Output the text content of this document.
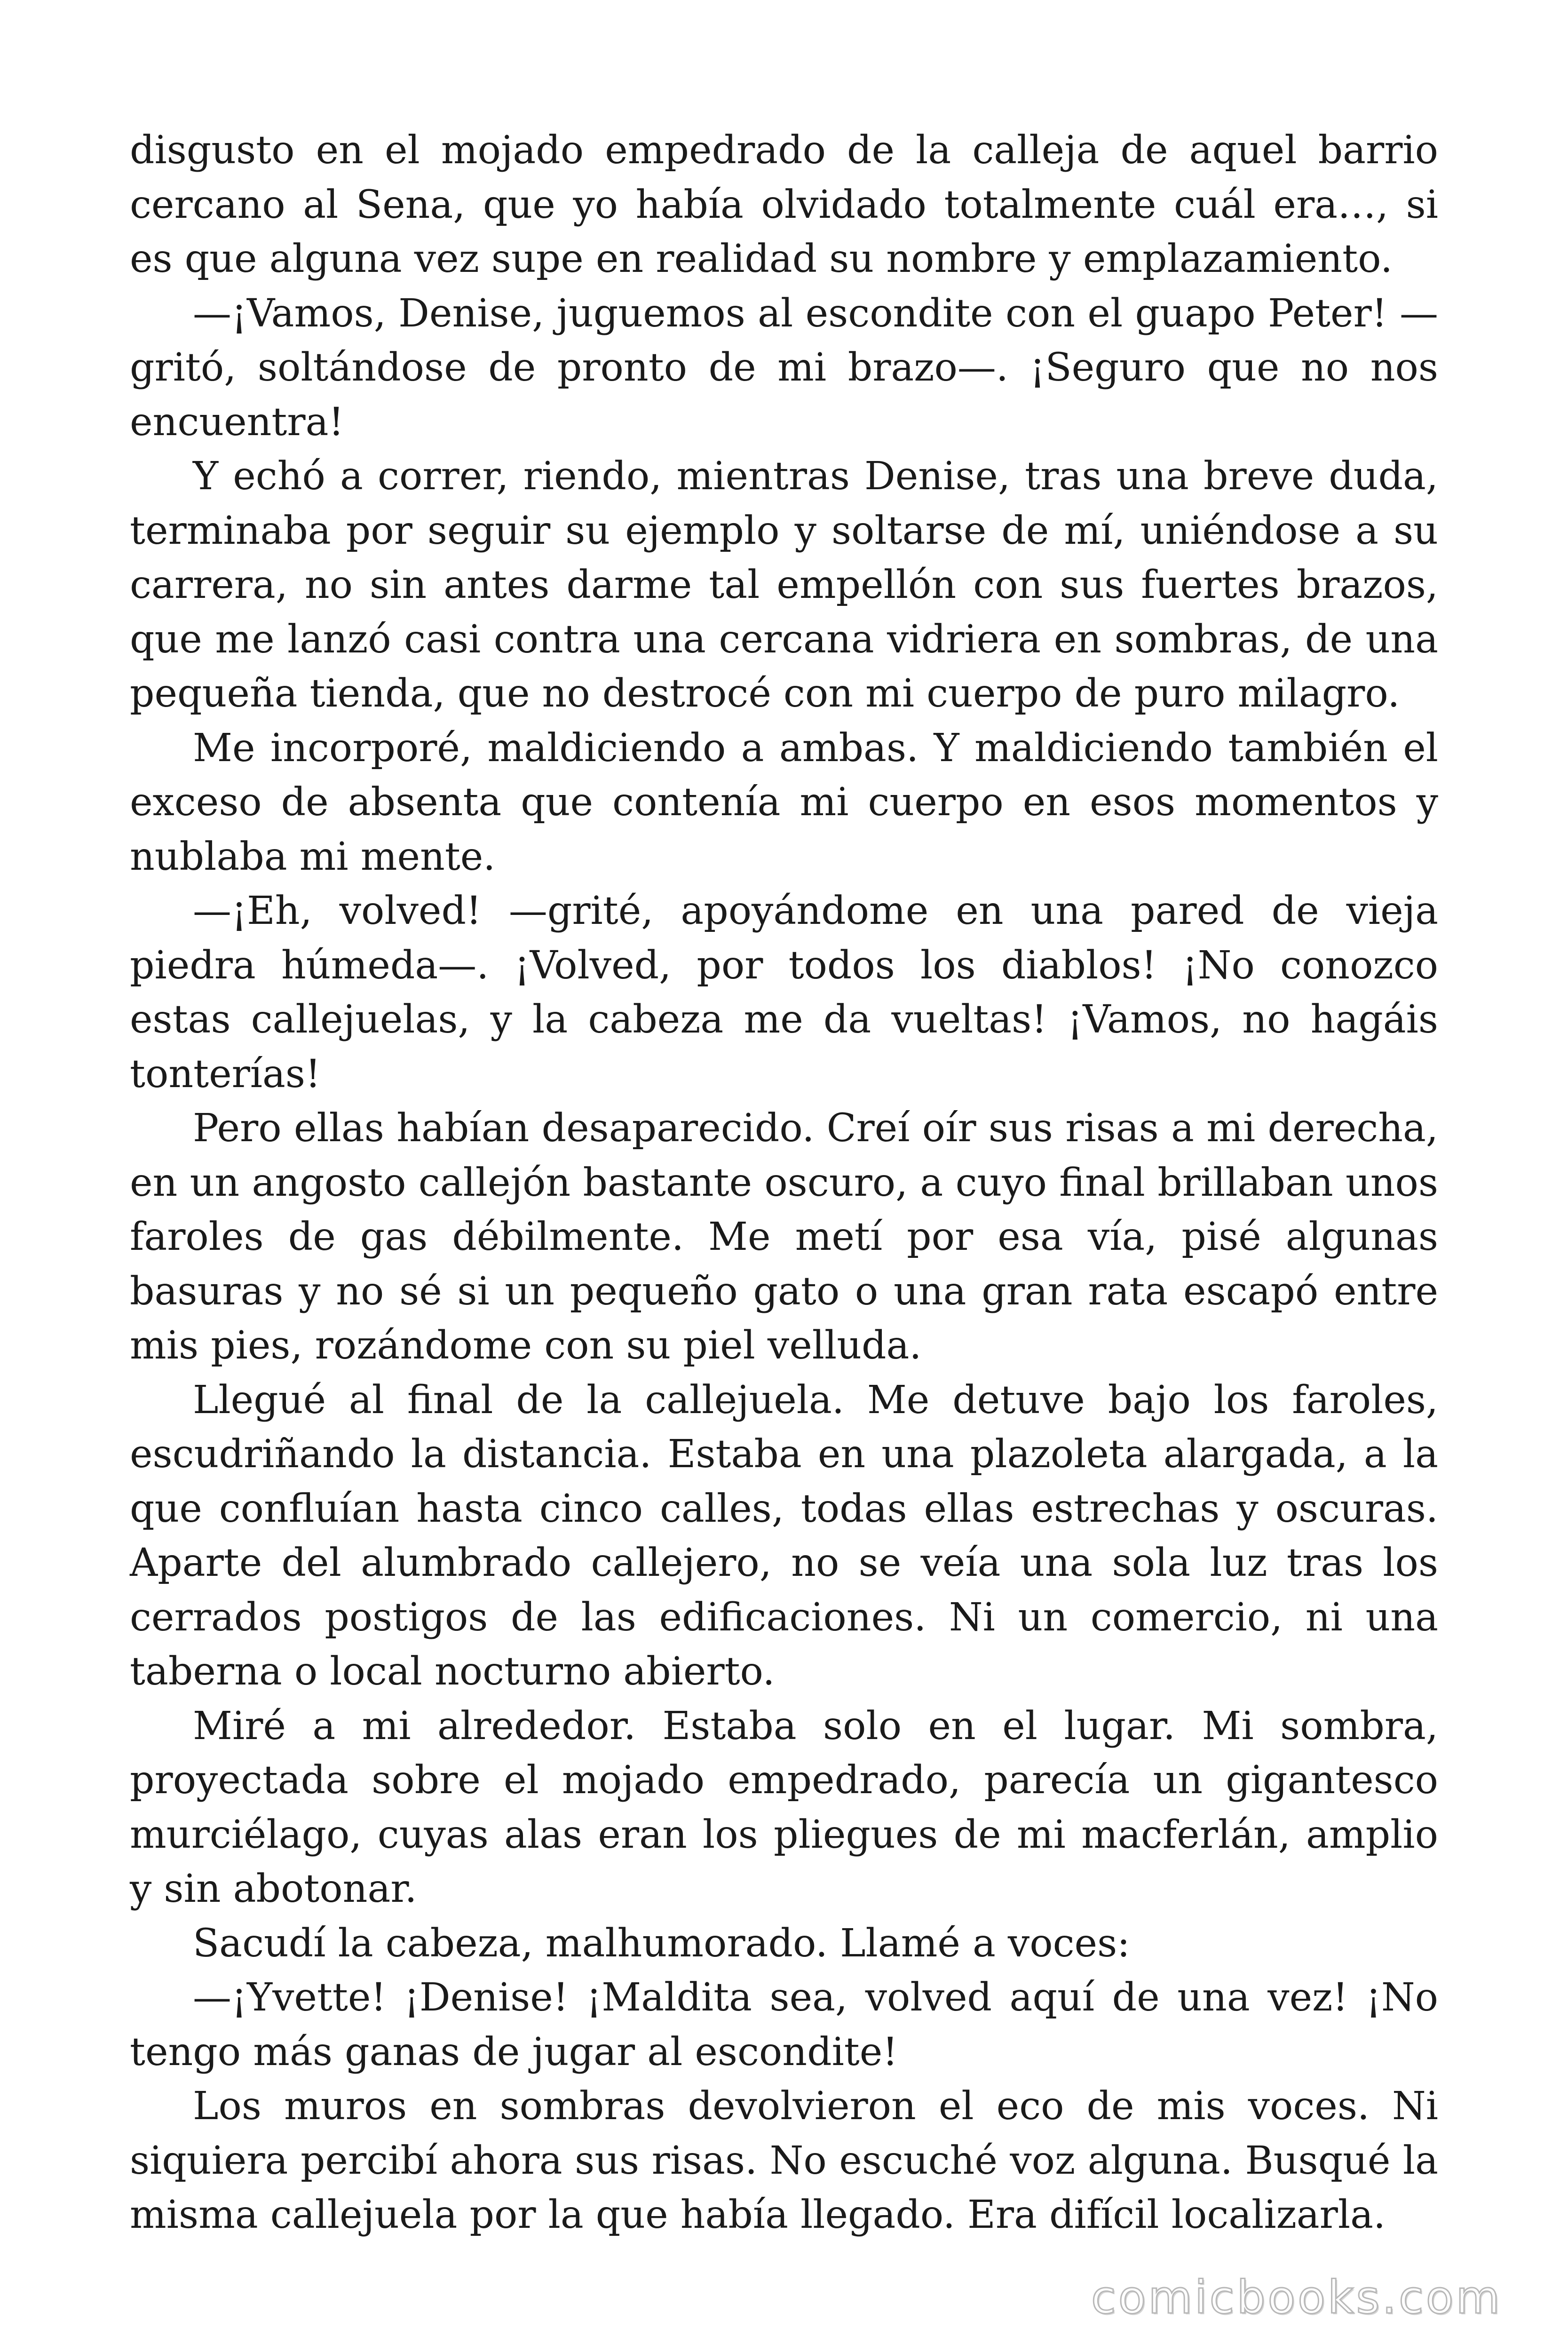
disgusto en el mojado empedrado de la calleja de aquel barrio cercano al Sena, que yo había olvidado totalmente cuál era…, si es que alguna vez supe en realidad su nombre y emplazamiento.

—¡Vamos, Denise, juguemos al escondite con el guapo Peter! —gritó, soltándose de pronto de mi brazo—. ¡Seguro que no nos encuentra!

Y echó a correr, riendo, mientras Denise, tras una breve duda, terminaba por seguir su ejemplo y soltarse de mí, uniéndose a su carrera, no sin antes darme tal empellón con sus fuertes brazos, que me lanzó casi contra una cercana vidriera en sombras, de una pequeña tienda, que no destrocé con mi cuerpo de puro milagro.

Me incorporé, maldiciendo a ambas. Y maldiciendo también el exceso de absenta que contenía mi cuerpo en esos momentos y nublaba mi mente.

—¡Eh, volved! —grité, apoyándome en una pared de vieja piedra húmeda—. ¡Volved, por todos los diablos! ¡No conozco estas callejuelas, y la cabeza me da vueltas! ¡Vamos, no hagáis tonterías!

Pero ellas habían desaparecido. Creí oír sus risas a mi derecha, en un angosto callejón bastante oscuro, a cuyo final brillaban unos faroles de gas débilmente. Me metí por esa vía, pisé algunas basuras y no sé si un pequeño gato o una gran rata escapó entre mis pies, rozándome con su piel velluda.

Llegué al final de la callejuela. Me detuve bajo los faroles, escudriñando la distancia. Estaba en una plazoleta alargada, a la que confluían hasta cinco calles, todas ellas estrechas y oscuras. Aparte del alumbrado callejero, no se veía una sola luz tras los cerrados postigos de las edificaciones. Ni un comercio, ni una taberna o local nocturno abierto.

Miré a mi alrededor. Estaba solo en el lugar. Mi sombra, proyectada sobre el mojado empedrado, parecía un gigantesco murciélago, cuyas alas eran los pliegues de mi macferlán, amplio y sin abotonar.

Sacudí la cabeza, malhumorado. Llamé a voces:

—¡Yvette! ¡Denise! ¡Maldita sea, volved aquí de una vez! ¡No tengo más ganas de jugar al escondite!

Los muros en sombras devolvieron el eco de mis voces. Ni siquiera percibí ahora sus risas. No escuché voz alguna. Busqué la misma callejuela por la que había llegado. Era difícil localizarla.

comicbooks.com
